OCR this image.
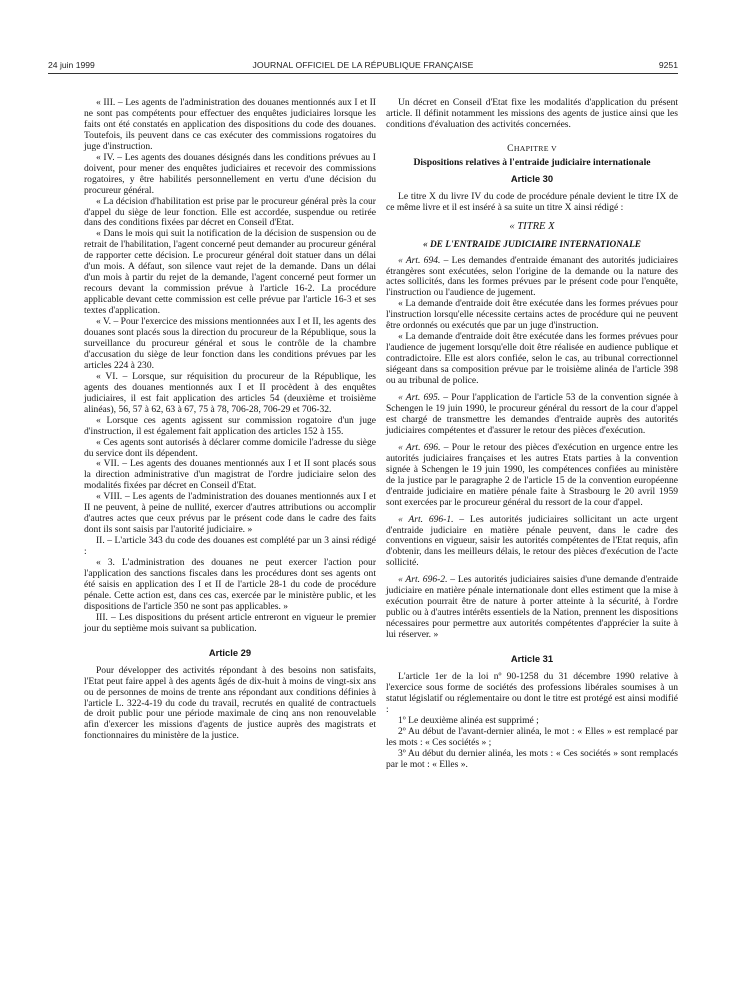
24 juin 1999	JOURNAL OFFICIEL DE LA RÉPUBLIQUE FRANÇAISE	9251

« III. – Les agents de l'administration des douanes mentionnés aux I et II ne sont pas compétents pour effectuer des enquêtes judiciaires lorsque les faits ont été constatés en application des dispositions du code des douanes. Toutefois, ils peuvent dans ce cas exécuter des commissions rogatoires du juge d'instruction.

« IV. – Les agents des douanes désignés dans les conditions prévues au I doivent, pour mener des enquêtes judiciaires et recevoir des commissions rogatoires, y être habilités personnellement en vertu d'une décision du procureur général.

« La décision d'habilitation est prise par le procureur général près la cour d'appel du siège de leur fonction. Elle est accordée, suspendue ou retirée dans des conditions fixées par décret en Conseil d'Etat.

« Dans le mois qui suit la notification de la décision de suspension ou de retrait de l'habilitation, l'agent concerné peut demander au procureur général de rapporter cette décision. Le procureur général doit statuer dans un délai d'un mois. A défaut, son silence vaut rejet de la demande. Dans un délai d'un mois à partir du rejet de la demande, l'agent concerné peut former un recours devant la commission prévue à l'article 16-2. La procédure applicable devant cette commission est celle prévue par l'article 16-3 et ses textes d'application.

« V. – Pour l'exercice des missions mentionnées aux I et II, les agents des douanes sont placés sous la direction du procureur de la République, sous la surveillance du procureur général et sous le contrôle de la chambre d'accusation du siège de leur fonction dans les conditions prévues par les articles 224 à 230.

« VI. – Lorsque, sur réquisition du procureur de la République, les agents des douanes mentionnés aux I et II procèdent à des enquêtes judiciaires, il est fait application des articles 54 (deuxième et troisième alinéas), 56, 57 à 62, 63 à 67, 75 à 78, 706-28, 706-29 et 706-32.

« Lorsque ces agents agissent sur commission rogatoire d'un juge d'instruction, il est également fait application des articles 152 à 155.

« Ces agents sont autorisés à déclarer comme domicile l'adresse du siège du service dont ils dépendent.

« VII. – Les agents des douanes mentionnés aux I et II sont placés sous la direction administrative d'un magistrat de l'ordre judiciaire selon des modalités fixées par décret en Conseil d'Etat.

« VIII. – Les agents de l'administration des douanes mentionnés aux I et II ne peuvent, à peine de nullité, exercer d'autres attributions ou accomplir d'autres actes que ceux prévus par le présent code dans le cadre des faits dont ils sont saisis par l'autorité judiciaire. »

II. – L'article 343 du code des douanes est complété par un 3 ainsi rédigé :

« 3. L'administration des douanes ne peut exercer l'action pour l'application des sanctions fiscales dans les procédures dont ses agents ont été saisis en application des I et II de l'article 28-1 du code de procédure pénale. Cette action est, dans ces cas, exercée par le ministère public, et les dispositions de l'article 350 ne sont pas applicables. »

III. – Les dispositions du présent article entreront en vigueur le premier jour du septième mois suivant sa publication.

Article 29

Pour développer des activités répondant à des besoins non satisfaits, l'Etat peut faire appel à des agents âgés de dix-huit à moins de vingt-six ans ou de personnes de moins de trente ans répondant aux conditions définies à l'article L. 322-4-19 du code du travail, recrutés en qualité de contractuels de droit public pour une période maximale de cinq ans non renouvelable afin d'exercer les missions d'agents de justice auprès des magistrats et fonctionnaires du ministère de la justice.

Un décret en Conseil d'Etat fixe les modalités d'application du présent article. Il définit notamment les missions des agents de justice ainsi que les conditions d'évaluation des activités concernées.

CHAPITRE V
Dispositions relatives à l'entraide judiciaire internationale
Article 30

Le titre X du livre IV du code de procédure pénale devient le titre IX de ce même livre et il est inséré à sa suite un titre X ainsi rédigé :

« TITRE X
« DE L'ENTRAIDE JUDICIAIRE INTERNATIONALE

« Art. 694. – Les demandes d'entraide émanant des autorités judiciaires étrangères sont exécutées, selon l'origine de la demande ou la nature des actes sollicités, dans les formes prévues par le présent code pour l'enquête, l'instruction ou l'audience de jugement.

« La demande d'entraide doit être exécutée dans les formes prévues pour l'instruction lorsqu'elle nécessite certains actes de procédure qui ne peuvent être ordonnés ou exécutés que par un juge d'instruction.

« La demande d'entraide doit être exécutée dans les formes prévues pour l'audience de jugement lorsqu'elle doit être réalisée en audience publique et contradictoire. Elle est alors confiée, selon le cas, au tribunal correctionnel siégeant dans sa composition prévue par le troisième alinéa de l'article 398 ou au tribunal de police.

« Art. 695. – Pour l'application de l'article 53 de la convention signée à Schengen le 19 juin 1990, le procureur général du ressort de la cour d'appel est chargé de transmettre les demandes d'entraide auprès des autorités judiciaires compétentes et d'assurer le retour des pièces d'exécution.

« Art. 696. – Pour le retour des pièces d'exécution en urgence entre les autorités judiciaires françaises et les autres Etats parties à la convention signée à Schengen le 19 juin 1990, les compétences confiées au ministère de la justice par le paragraphe 2 de l'article 15 de la convention européenne d'entraide judiciaire en matière pénale faite à Strasbourg le 20 avril 1959 sont exercées par le procureur général du ressort de la cour d'appel.

« Art. 696-1. – Les autorités judiciaires sollicitant un acte urgent d'entraide judiciaire en matière pénale peuvent, dans le cadre des conventions en vigueur, saisir les autorités compétentes de l'Etat requis, afin d'obtenir, dans les meilleurs délais, le retour des pièces d'exécution de l'acte sollicité.

« Art. 696-2. – Les autorités judiciaires saisies d'une demande d'entraide judiciaire en matière pénale internationale dont elles estiment que la mise à exécution pourrait être de nature à porter atteinte à la sécurité, à l'ordre public ou à d'autres intérêts essentiels de la Nation, prennent les dispositions nécessaires pour permettre aux autorités compétentes d'apprécier la suite à lui réserver. »

Article 31

L'article 1er de la loi nº 90-1258 du 31 décembre 1990 relative à l'exercice sous forme de sociétés des professions libérales soumises à un statut législatif ou réglementaire ou dont le titre est protégé est ainsi modifié :

1º Le deuxième alinéa est supprimé ;

2º Au début de l'avant-dernier alinéa, le mot : « Elles » est remplacé par les mots : « Ces sociétés » ;

3º Au début du dernier alinéa, les mots : « Ces sociétés » sont remplacés par le mot : « Elles ».
